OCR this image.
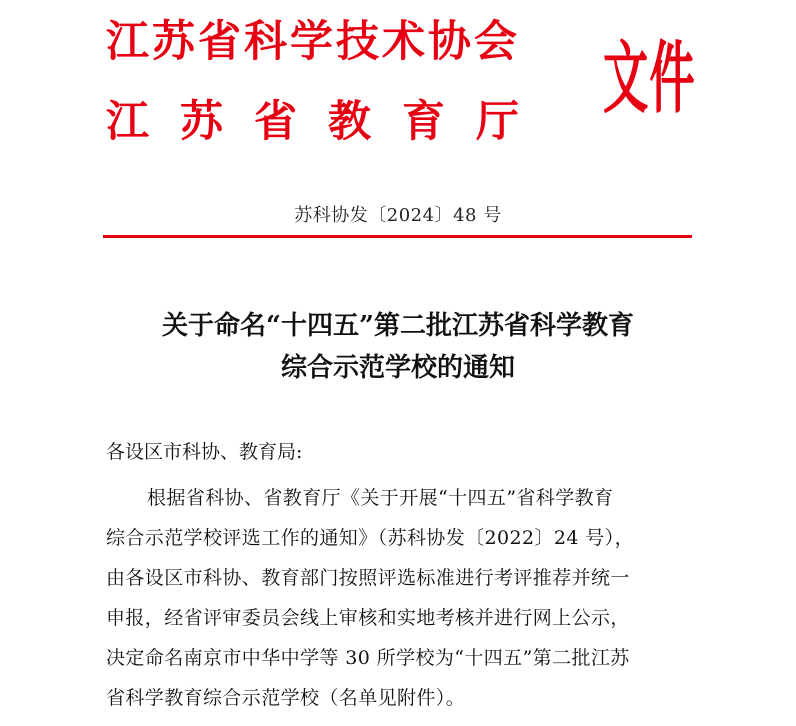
江苏省科学技术协会
江苏省教育厅 文件
苏科协发〔2024〕48 号
关于命名“十四五”第二批江苏省科学教育
综合示范学校的通知

各设区市科协、教育局:

根据省科协、省教育厅《关于开展“十四五”省科学教育
综合示范学校评选工作的通知》（苏科协发〔2022〕24 号），
由各设区市科协、教育部门按照评选标准进行考评推荐并统一
申报，经省评审委员会线上审核和实地考核并进行网上公示，
决定命名南京市中华中学等 30 所学校为“十四五”第二批江苏
省科学教育综合示范学校（名单见附件）。
